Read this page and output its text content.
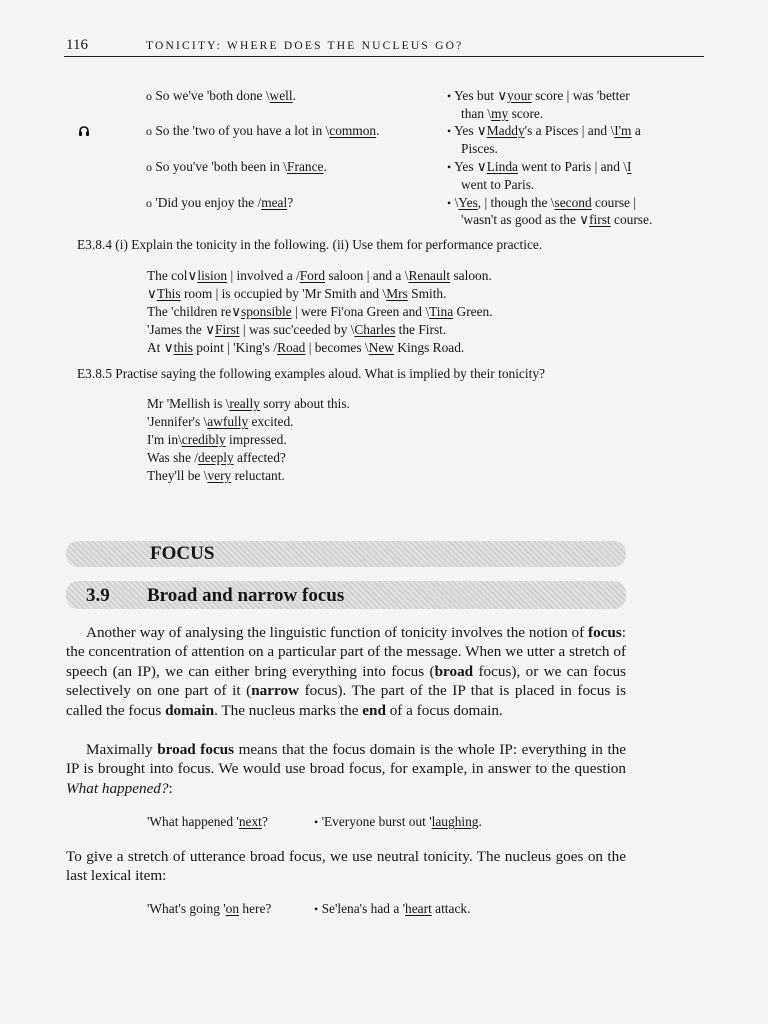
116	TONICITY: WHERE DOES THE NUCLEUS GO?
o So we've 'both done \well.	• Yes but ∨your score | was 'better
than \my score.
o So the 'two of you have a lot in \common.	• Yes ∨Maddy's a Pisces | and \I'm a
Pisces.
o So you've 'both been in \France.	• Yes ∨Linda went to Paris | and \I
went to Paris.
o 'Did you enjoy the /meal?	• \Yes, | though the \second course |
'wasn't as good as the ∨first course.
E3.8.4 (i) Explain the tonicity in the following. (ii) Use them for performance practice.
The col∨lision | involved a /Ford saloon | and a \Renault saloon.
∨This room | is occupied by 'Mr Smith and \Mrs Smith.
The 'children re∨sponsible | were Fi'ona Green and \Tina Green.
'James the ∨First | was suc'ceeded by \Charles the First.
At ∨this point | 'King's /Road | becomes \New Kings Road.
E3.8.5 Practise saying the following examples aloud. What is implied by their tonicity?
Mr 'Mellish is \really sorry about this.
'Jennifer's \awfully excited.
I'm in\credibly impressed.
Was she /deeply affected?
They'll be \very reluctant.
FOCUS
3.9 Broad and narrow focus

Another way of analysing the linguistic function of tonicity involves the notion of focus: the concentration of attention on a particular part of the message. When we utter a stretch of speech (an IP), we can either bring everything into focus (broad focus), or we can focus selectively on one part of it (narrow focus). The part of the IP that is placed in focus is called the focus domain. The nucleus marks the end of a focus domain.

Maximally broad focus means that the focus domain is the whole IP: everything in the IP is brought into focus. We would use broad focus, for example, in answer to the question What happened?:

'What happened 'next?	• 'Everyone burst out 'laughing.

To give a stretch of utterance broad focus, we use neutral tonicity. The nucleus goes on the last lexical item:

'What's going 'on here?	• Se'lena's had a 'heart attack.
